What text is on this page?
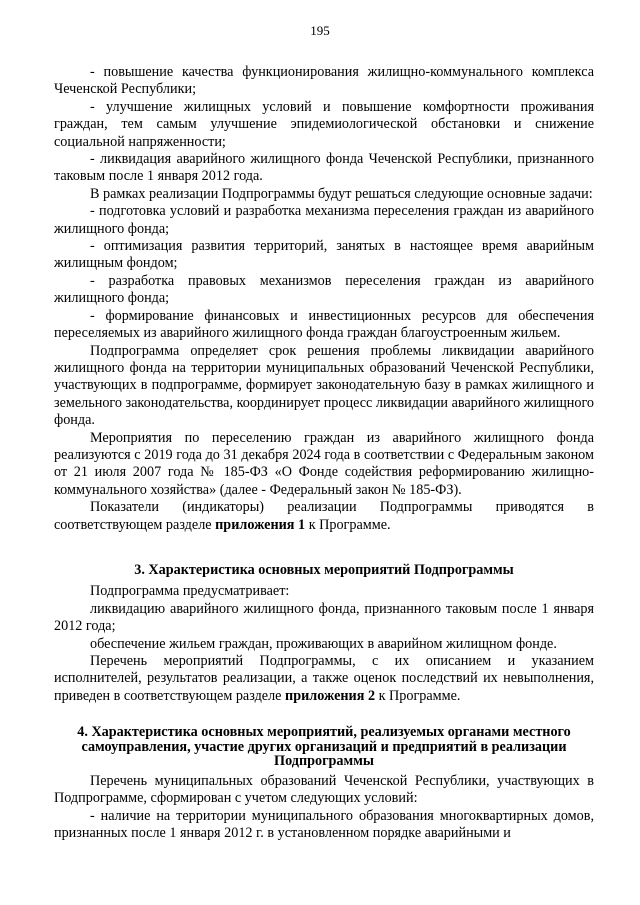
195

- повышение качества функционирования жилищно-коммунального комплекса Чеченской Республики;

- улучшение жилищных условий и повышение комфортности проживания граждан, тем самым улучшение эпидемиологической обстановки и снижение социальной напряженности;

- ликвидация аварийного жилищного фонда Чеченской Республики, признанного таковым после 1 января 2012 года.

В рамках реализации Подпрограммы будут решаться следующие основные задачи:

- подготовка условий и разработка механизма переселения граждан из аварийного жилищного фонда;

- оптимизация развития территорий, занятых в настоящее время аварийным жилищным фондом;

- разработка правовых механизмов переселения граждан из аварийного жилищного фонда;

- формирование финансовых и инвестиционных ресурсов для обеспечения переселяемых из аварийного жилищного фонда граждан благоустроенным жильем.

Подпрограмма определяет срок решения проблемы ликвидации аварийного жилищного фонда на территории муниципальных образований Чеченской Республики, участвующих в подпрограмме, формирует законодательную базу в рамках жилищного и земельного законодательства, координирует процесс ликвидации аварийного жилищного фонда.

Мероприятия по переселению граждан из аварийного жилищного фонда реализуются с 2019 года до 31 декабря 2024 года в соответствии с Федеральным законом от 21 июля 2007 года № 185-ФЗ «О Фонде содействия реформированию жилищно-коммунального хозяйства» (далее - Федеральный закон № 185-ФЗ).

Показатели (индикаторы) реализации Подпрограммы приводятся в соответствующем разделе приложения 1 к Программе.

3. Характеристика основных мероприятий Подпрограммы

Подпрограмма предусматривает:

ликвидацию аварийного жилищного фонда, признанного таковым после 1 января 2012 года;

обеспечение жильем граждан, проживающих в аварийном жилищном фонде.

Перечень мероприятий Подпрограммы, с их описанием и указанием исполнителей, результатов реализации, а также оценок последствий их невыполнения, приведен в соответствующем разделе приложения 2 к Программе.

4. Характеристика основных мероприятий, реализуемых органами местного самоуправления, участие других организаций и предприятий в реализации Подпрограммы

Перечень муниципальных образований Чеченской Республики, участвующих в Подпрограмме, сформирован с учетом следующих условий:

- наличие на территории муниципального образования многоквартирных домов, признанных после 1 января 2012 г. в установленном порядке аварийными и
